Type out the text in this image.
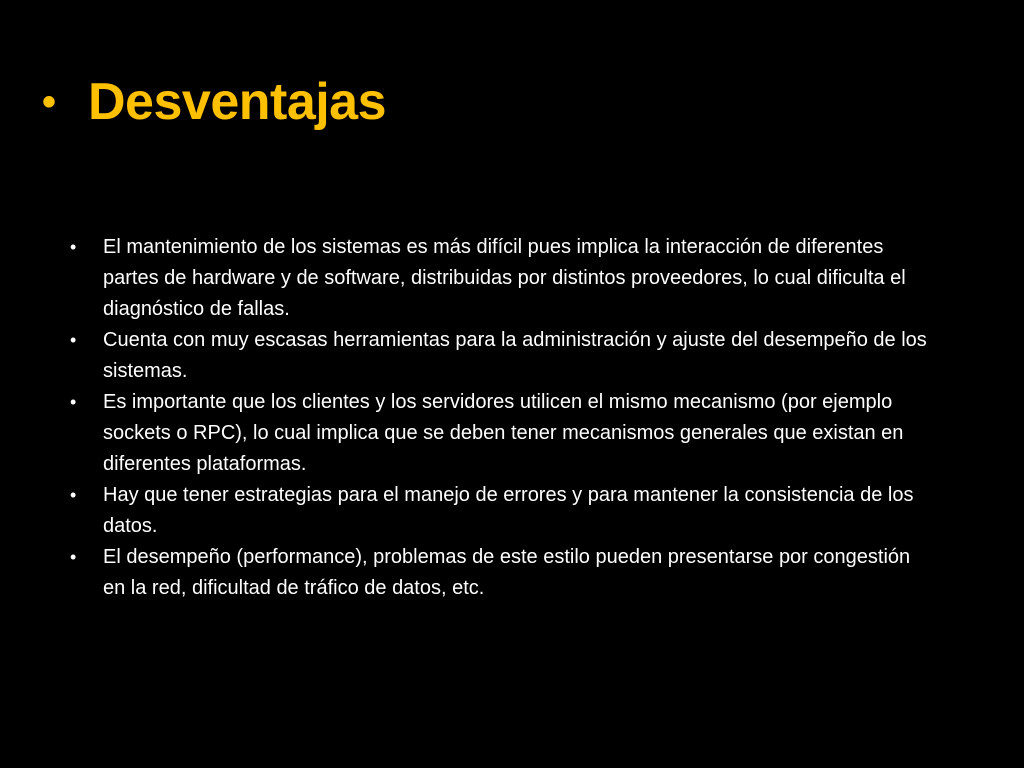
• Desventajas
• El mantenimiento de los sistemas es más difícil pues implica la interacción de diferentes partes de hardware y de software, distribuidas por distintos proveedores, lo cual dificulta el diagnóstico de fallas.
• Cuenta con muy escasas herramientas para la administración y ajuste del desempeño de los sistemas.
• Es importante que los clientes y los servidores utilicen el mismo mecanismo (por ejemplo sockets o RPC), lo cual implica que se deben tener mecanismos generales que existan en diferentes plataformas.
• Hay que tener estrategias para el manejo de errores y para mantener la consistencia de los datos.
• El desempeño (performance), problemas de este estilo pueden presentarse por congestión en la red, dificultad de tráfico de datos, etc.
